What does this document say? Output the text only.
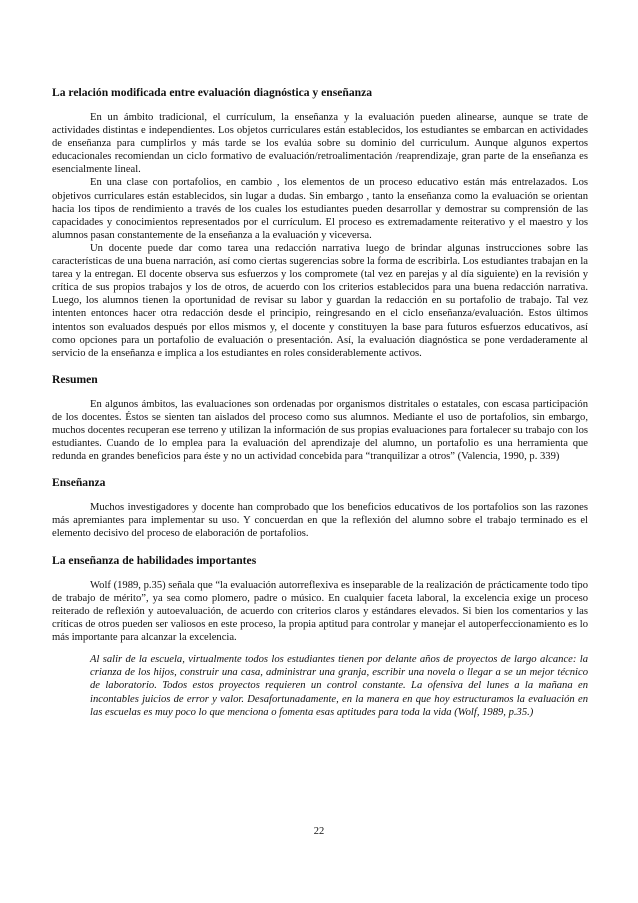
La relación modificada entre evaluación diagnóstica y enseñanza

En un ámbito tradicional, el currículum, la enseñanza y la evaluación pueden alinearse, aunque se trate de actividades distintas e independientes. Los objetos curriculares están establecidos, los estudiantes se embarcan en actividades de enseñanza para cumplirlos y más tarde se los evalúa sobre su dominio del curriculum. Aunque algunos expertos educacionales recomiendan un ciclo formativo de evaluación/retroalimentación /reaprendizaje, gran parte de la enseñanza es esencialmente lineal.

En una clase con portafolios, en cambio , los elementos de un proceso educativo están más entrelazados. Los objetivos curriculares están establecidos, sin lugar a dudas. Sin embargo , tanto la enseñanza como la evaluación se orientan hacia los tipos de rendimiento a través de los cuales los estudiantes pueden desarrollar y demostrar su comprensión de las capacidades y conocimientos representados por el currículum. El proceso es extremadamente reiterativo y el maestro y los alumnos pasan constantemente de la enseñanza a la evaluación y viceversa.

Un docente puede dar como tarea una redacción narrativa luego de brindar algunas instrucciones sobre las características de una buena narración, así como ciertas sugerencias sobre la forma de escribirla. Los estudiantes trabajan en la tarea y la entregan. El docente observa sus esfuerzos y los compromete (tal vez en parejas y al día siguiente) en la revisión y crítica de sus propios trabajos y los de otros, de acuerdo con los criterios establecidos para una buena redacción narrativa. Luego, los alumnos tienen la oportunidad de revisar su labor y guardan la redacción en su portafolio de trabajo. Tal vez intenten entonces hacer otra redacción desde el principio, reingresando en el ciclo enseñanza/evaluación. Estos últimos intentos son evaluados después por ellos mismos y, el docente y constituyen la base para futuros esfuerzos educativos, así como opciones para un portafolio de evaluación o presentación. Así, la evaluación diagnóstica se pone verdaderamente al servicio de la enseñanza e implica a los estudiantes en roles considerablemente activos.

Resumen

En algunos ámbitos, las evaluaciones son ordenadas por organismos distritales o estatales, con escasa participación de los docentes. Éstos se sienten tan aislados del proceso como sus alumnos. Mediante el uso de portafolios, sin embargo, muchos docentes recuperan ese terreno y utilizan la información de sus propias evaluaciones para fortalecer su trabajo con los estudiantes. Cuando de lo emplea para la evaluación del aprendizaje del alumno, un portafolio es una herramienta que redunda en grandes beneficios para éste y no un actividad concebida para “tranquilizar a otros” (Valencia, 1990, p. 339)

Enseñanza

Muchos investigadores y docente han comprobado que los beneficios educativos de los portafolios son las razones más apremiantes para implementar su uso. Y concuerdan en que la reflexión del alumno sobre el trabajo terminado es el elemento decisivo del proceso de elaboración de portafolios.

La enseñanza de habilidades importantes

Wolf (1989, p.35) señala que “la evaluación autorreflexiva es inseparable de la realización de prácticamente todo tipo de trabajo de mérito”, ya sea como plomero, padre o músico. En cualquier faceta laboral, la excelencia exige un proceso reiterado de reflexión y autoevaluación, de acuerdo con criterios claros y estándares elevados. Si bien los comentarios y las críticas de otros pueden ser valiosos en este proceso, la propia aptitud para controlar y manejar el autoperfeccionamiento es lo más importante para alcanzar la excelencia.

Al salir de la escuela, virtualmente todos los estudiantes tienen por delante años de proyectos de largo alcance: la crianza de los hijos, construir una casa, administrar una granja, escribir una novela o llegar a se un mejor técnico de laboratorio. Todos estos proyectos requieren un control constante. La ofensiva del lunes a la mañana en incontables juicios de error y valor. Desafortunadamente, en la manera en que hoy estructuramos la evaluación en las escuelas es muy poco lo que menciona o fomenta esas aptitudes para toda la vida (Wolf, 1989, p.35.)
22
